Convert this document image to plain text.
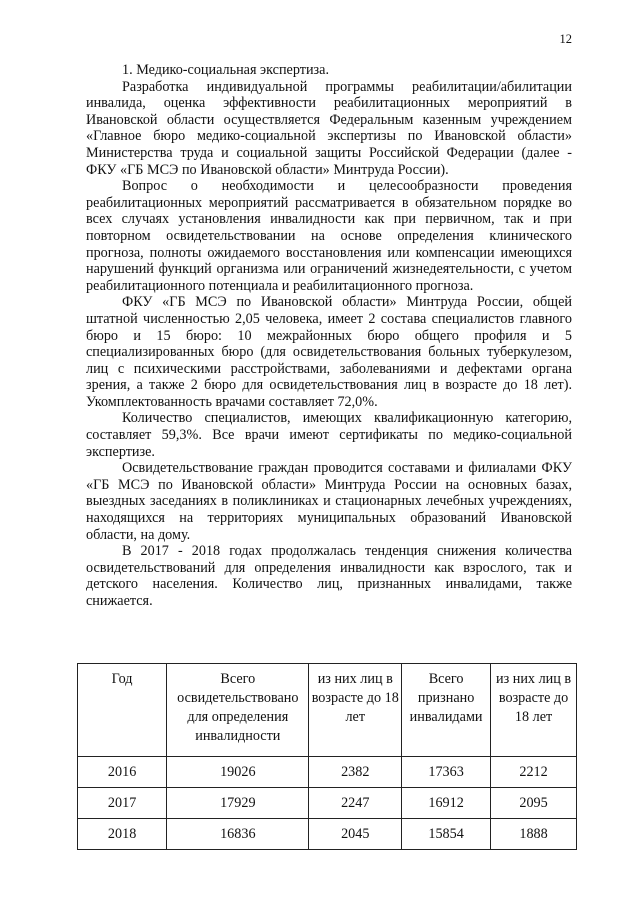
12

1. Медико-социальная экспертиза.

Разработка индивидуальной программы реабилитации/абилитации инвалида, оценка эффективности реабилитационных мероприятий в Ивановской области осуществляется Федеральным казенным учреждением «Главное бюро медико-социальной экспертизы по Ивановской области» Министерства труда и социальной защиты Российской Федерации (далее - ФКУ «ГБ МСЭ по Ивановской области» Минтруда России).

Вопрос о необходимости и целесообразности проведения реабилитационных мероприятий рассматривается в обязательном порядке во всех случаях установления инвалидности как при первичном, так и при повторном освидетельствовании на основе определения клинического прогноза, полноты ожидаемого восстановления или компенсации имеющихся нарушений функций организма или ограничений жизнедеятельности, с учетом реабилитационного потенциала и реабилитационного прогноза.

ФКУ «ГБ МСЭ по Ивановской области» Минтруда России, общей штатной численностью 2,05 человека, имеет 2 состава специалистов главного бюро и 15 бюро: 10 межрайонных бюро общего профиля и 5 специализированных бюро (для освидетельствования больных туберкулезом, лиц с психическими расстройствами, заболеваниями и дефектами органа зрения, а также 2 бюро для освидетельствования лиц в возрасте до 18 лет). Укомплектованность врачами составляет 72,0%.

Количество специалистов, имеющих квалификационную категорию, составляет 59,3%. Все врачи имеют сертификаты по медико-социальной экспертизе.

Освидетельствование граждан проводится составами и филиалами ФКУ «ГБ МСЭ по Ивановской области» Минтруда России на основных базах, выездных заседаниях в поликлиниках и стационарных лечебных учреждениях, находящихся на территориях муниципальных образований Ивановской области, на дому.

В 2017 - 2018 годах продолжалась тенденция снижения количества освидетельствований для определения инвалидности как взрослого, так и детского населения. Количество лиц, признанных инвалидами, также снижается.

Год	Всего освидетельствовано для определения инвалидности	из них лиц в возрасте до 18 лет	Всего признано инвалидами	из них лиц в возрасте до 18 лет
2016	19026	2382	17363	2212
2017	17929	2247	16912	2095
2018	16836	2045	15854	1888
